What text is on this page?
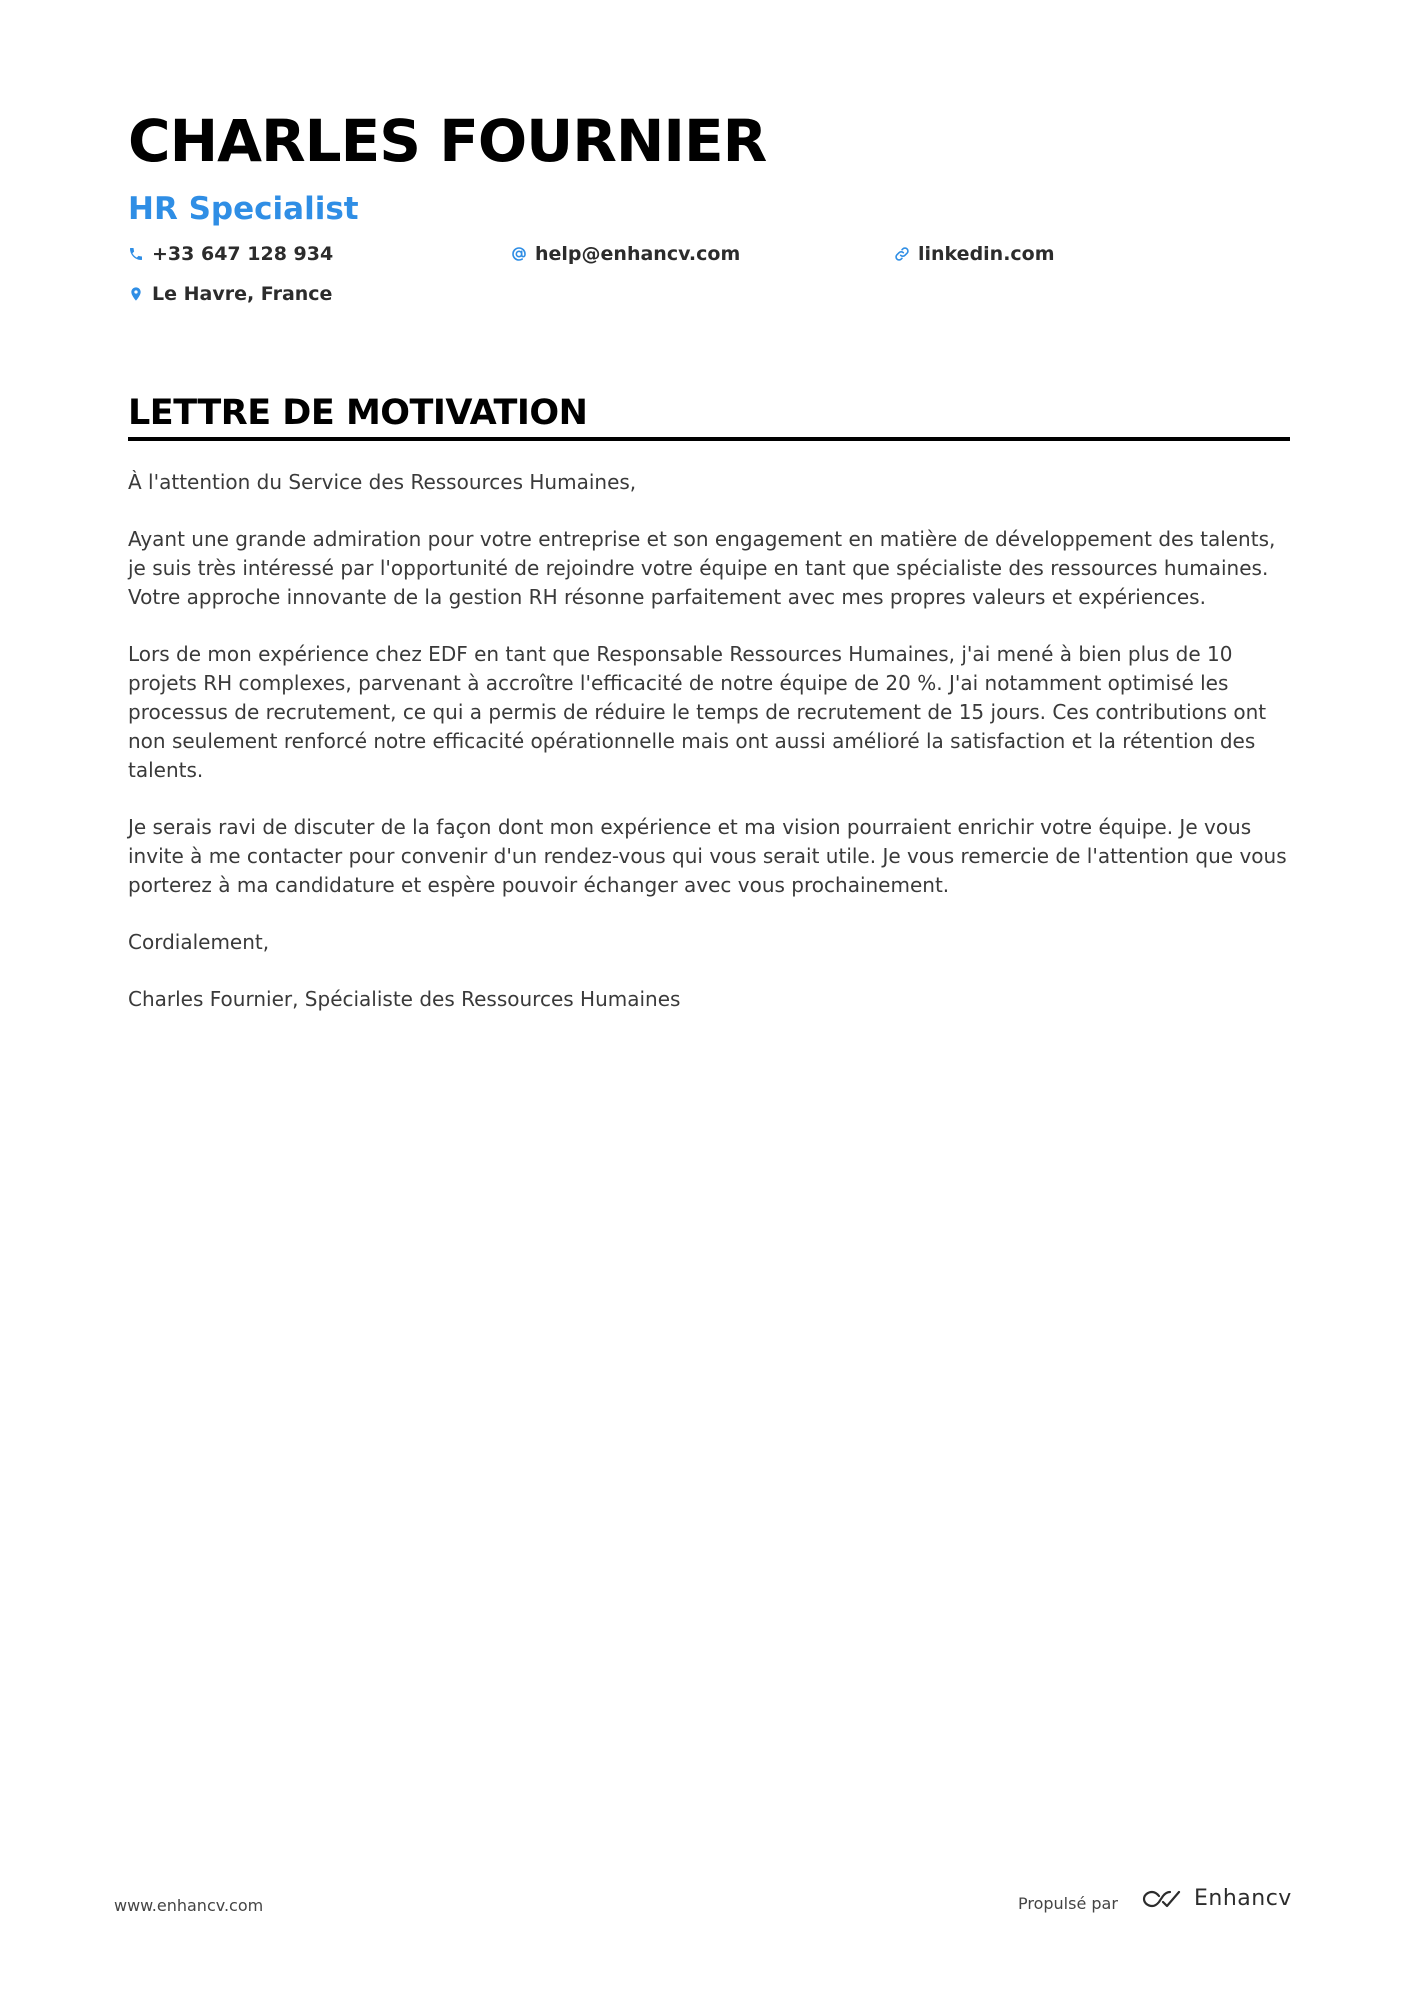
CHARLES FOURNIER
HR Specialist
+33 647 128 934	help@enhancv.com	linkedin.com
Le Havre, France
LETTRE DE MOTIVATION

À l'attention du Service des Ressources Humaines,

Ayant une grande admiration pour votre entreprise et son engagement en matière de développement des talents, je suis très intéressé par l'opportunité de rejoindre votre équipe en tant que spécialiste des ressources humaines. Votre approche innovante de la gestion RH résonne parfaitement avec mes propres valeurs et expériences.

Lors de mon expérience chez EDF en tant que Responsable Ressources Humaines, j'ai mené à bien plus de 10 projets RH complexes, parvenant à accroître l'efficacité de notre équipe de 20 %. J'ai notamment optimisé les processus de recrutement, ce qui a permis de réduire le temps de recrutement de 15 jours. Ces contributions ont non seulement renforcé notre efficacité opérationnelle mais ont aussi amélioré la satisfaction et la rétention des talents.

Je serais ravi de discuter de la façon dont mon expérience et ma vision pourraient enrichir votre équipe. Je vous invite à me contacter pour convenir d'un rendez-vous qui vous serait utile. Je vous remercie de l'attention que vous porterez à ma candidature et espère pouvoir échanger avec vous prochainement.

Cordialement,

Charles Fournier, Spécialiste des Ressources Humaines

www.enhancv.com	Propulsé par	Enhancv
